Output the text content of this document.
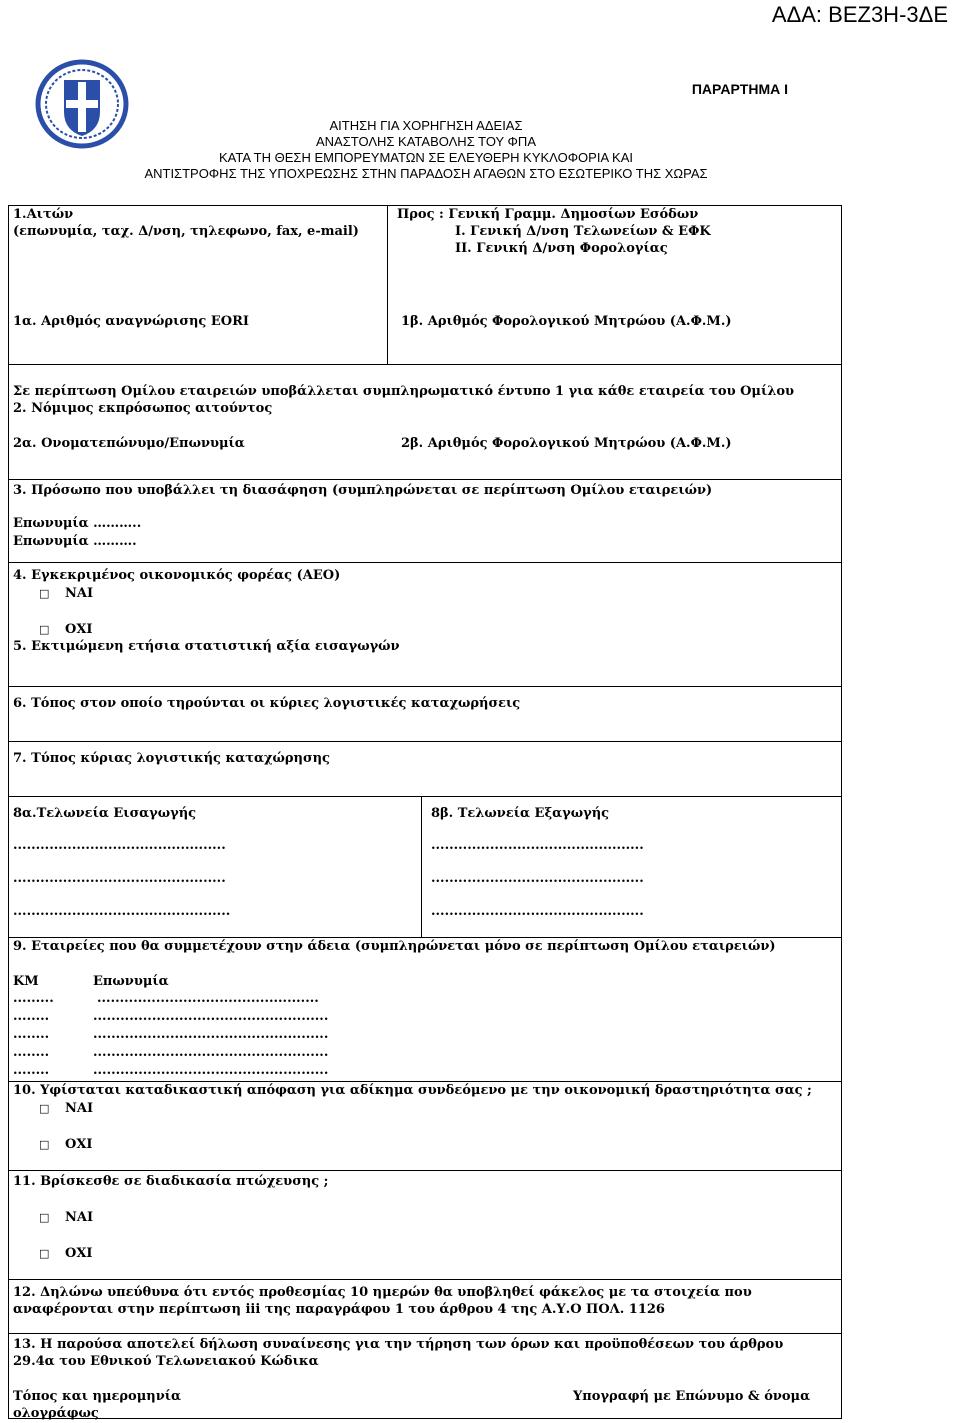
ΑΔΑ: ΒΕΖ3Η-3ΔΕ
ΠΑΡΑΡΤΗΜΑ Ι
ΑΙΤΗΣΗ ΓΙΑ ΧΟΡΗΓΗΣΗ ΑΔΕΙΑΣ
ΑΝΑΣΤΟΛΗΣ ΚΑΤΑΒΟΛΗΣ ΤΟΥ ΦΠΑ
ΚΑΤΑ ΤΗ ΘΕΣΗ ΕΜΠΟΡΕΥΜΑΤΩΝ ΣΕ ΕΛΕΥΘΕΡΗ ΚΥΚΛΟΦΟΡΙΑ ΚΑΙ
ΑΝΤΙΣΤΡΟΦΗΣ ΤΗΣ ΥΠΟΧΡΕΩΣΗΣ ΣΤΗΝ ΠΑΡΑΔΟΣΗ ΑΓΑΘΩΝ ΣΤΟ ΕΣΩΤΕΡΙΚΟ ΤΗΣ ΧΩΡΑΣ
1.Αιτών
(επωνυμία, ταχ. Δ/νση, τηλεφωνο, fax, e-mail)
Προς : Γενική Γραμμ. Δημοσίων Εσόδων
Ι. Γενική Δ/νση Τελωνείων & ΕΦΚ
ΙΙ. Γενική Δ/νση Φορολογίας
1α. Αριθμός αναγνώρισης EORI	1β. Αριθμός Φορολογικού Μητρώου (Α.Φ.Μ.)
Σε περίπτωση Ομίλου εταιρειών υποβάλλεται συμπληρωματικό έντυπο 1 για κάθε εταιρεία του Ομίλου
2. Νόμιμος εκπρόσωπος αιτούντος
2α. Ονοματεπώνυμο/Επωνυμία	2β. Αριθμός Φορολογικού Μητρώου (Α.Φ.Μ.)
3. Πρόσωπο που υποβάλλει τη διασάφηση (συμπληρώνεται σε περίπτωση Ομίλου εταιρειών)
Επωνυμία ………..
Επωνυμία ……….
4. Εγκεκριμένος οικονομικός φορέας (ΑΕΟ)
□ ΝΑΙ
□ ΟΧΙ
5. Εκτιμώμενη ετήσια στατιστική αξία εισαγωγών
6. Τόπος στον οποίο τηρούνται οι κύριες λογιστικές καταχωρήσεις
7. Τύπος κύριας λογιστικής καταχώρησης
8α.Τελωνεία Εισαγωγής	8β. Τελωνεία Εξαγωγής
...............................................
...............................................
................................................
...............................................
...............................................
...............................................
9. Εταιρείες που θα συμμετέχουν στην άδεια (συμπληρώνεται μόνο σε περίπτωση Ομίλου εταιρειών)
ΚΜ	Επωνυμία
.........	.................................................
........	....................................................
........	....................................................
........	....................................................
........	....................................................
10. Υφίσταται καταδικαστική απόφαση για αδίκημα συνδεόμενο με την οικονομική δραστηριότητα σας ;
□ ΝΑΙ
□ ΟΧΙ
11. Βρίσκεσθε σε διαδικασία πτώχευσης ;
□ ΝΑΙ
□ ΟΧΙ
12. Δηλώνω υπεύθυνα ότι εντός προθεσμίας 10 ημερών θα υποβληθεί φάκελος με τα στοιχεία που
αναφέρονται στην περίπτωση iii της παραγράφου 1 του άρθρου 4 της Α.Υ.Ο ΠΟΛ. 1126
13. Η παρούσα αποτελεί δήλωση συναίνεσης για την τήρηση των όρων και προϋποθέσεων του άρθρου
29.4α του Εθνικού Τελωνειακού Κώδικα
Τόπος και ημερομηνία
ολογράφως
Υπογραφή με Επώνυμο & όνομα
